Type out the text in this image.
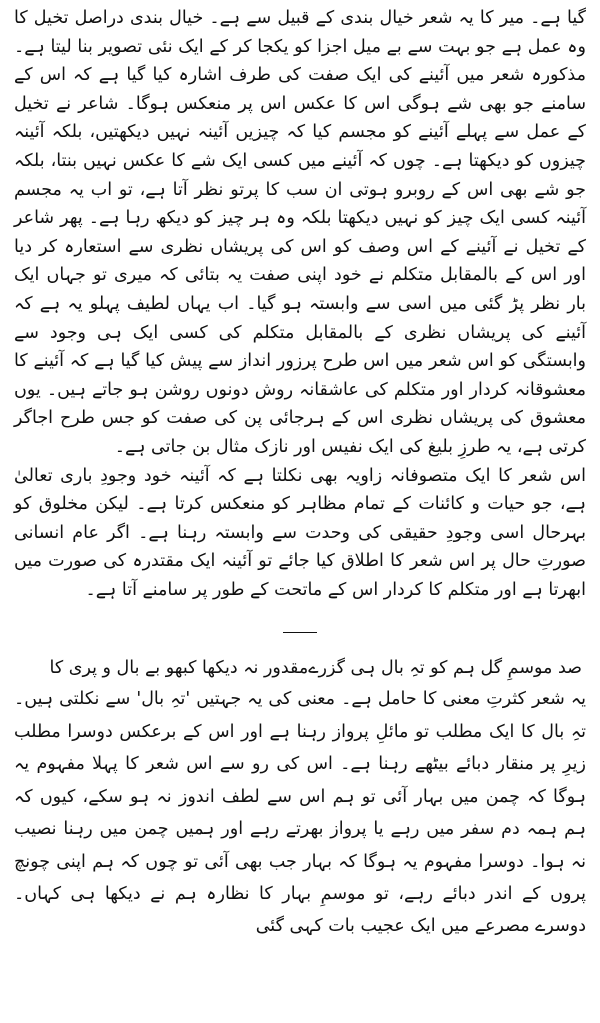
گیا ہے۔ میر کا یہ شعر خیال بندی کے قبیل سے ہے۔ خیال بندی دراصل تخیل کا وہ عمل ہے جو بہت سے بے میل اجزا کو یکجا کر کے ایک نئی تصویر بنا لیتا ہے۔ مذکورہ شعر میں آئینے کی ایک صفت کی طرف اشارہ کیا گیا ہے کہ اس کے سامنے جو بھی شے ہوگی اس کا عکس اس پر منعکس ہوگا۔ شاعر نے تخیل کے عمل سے پہلے آئینے کو مجسم کیا کہ چیزیں آئینہ نہیں دیکھتیں، بلکہ آئینہ چیزوں کو دیکھتا ہے۔ چوں کہ آئینے میں کسی ایک شے کا عکس نہیں بنتا، بلکہ جو شے بھی اس کے روبرو ہوتی ان سب کا پرتو نظر آتا ہے، تو اب یہ مجسم آئینہ کسی ایک چیز کو نہیں دیکھتا بلکہ وہ ہر چیز کو دیکھ رہا ہے۔ پھر شاعر کے تخیل نے آئینے کے اس وصف کو اس کی پریشاں نظری سے استعارہ کر دیا اور اس کے بالمقابل متکلم نے خود اپنی صفت یہ بتائی کہ میری تو جہاں ایک بار نظر پڑ گئی میں اسی سے وابستہ ہو گیا۔ اب یہاں لطیف پہلو یہ ہے کہ آئینے کی پریشاں نظری کے بالمقابل متکلم کی کسی ایک ہی وجود سے وابستگی کو اس شعر میں اس طرح پرزور انداز سے پیش کیا گیا ہے کہ آئینے کا معشوقانہ کردار اور متکلم کی عاشقانہ روش دونوں روشن ہو جاتے ہیں۔ یوں معشوق کی پریشاں نظری اس کے ہرجائی پن کی صفت کو جس طرح اجاگر کرتی ہے، یہ طرزِ بلیغ کی ایک نفیس اور نازک مثال بن جاتی ہے۔

اس شعر کا ایک متصوفانہ زاویہ بھی نکلتا ہے کہ آئینہ خود وجودِ باری تعالیٰ ہے، جو حیات و کائنات کے تمام مظاہر کو منعکس کرتا ہے۔ لیکن مخلوق کو بہرحال اسی وجودِ حقیقی کی وحدت سے وابستہ رہنا ہے۔ اگر عام انسانی صورتِ حال پر اس شعر کا اطلاق کیا جائے تو آئینہ ایک مقتدرہ کی صورت میں ابھرتا ہے اور متکلم کا کردار اس کے ماتحت کے طور پر سامنے آتا ہے۔

صد موسمِ گل ہم کو تہِ بال ہی گزرے
مقدور نہ دیکھا کبھو بے بال و پری کا

یہ شعر کثرتِ معنی کا حامل ہے۔ معنی کی یہ جہتیں 'تہِ بال' سے نکلتی ہیں۔ تہِ بال کا ایک مطلب تو مائلِ پرواز رہنا ہے اور اس کے برعکس دوسرا مطلب زیرِ پر منقار دبائے بیٹھے رہنا ہے۔ اس کی رو سے اس شعر کا پہلا مفہوم یہ ہوگا کہ چمن میں بہار آئی تو ہم اس سے لطف اندوز نہ ہو سکے، کیوں کہ ہم ہمہ دم سفر میں رہے یا پرواز بھرتے رہے اور ہمیں چمن میں رہنا نصیب نہ ہوا۔ دوسرا مفہوم یہ ہوگا کہ بہار جب بھی آئی تو چوں کہ ہم اپنی چونچ پروں کے اندر دبائے رہے، تو موسمِ بہار کا نظارہ ہم نے دیکھا ہی کہاں۔ دوسرے مصرعے میں ایک عجیب بات کہی گئی
